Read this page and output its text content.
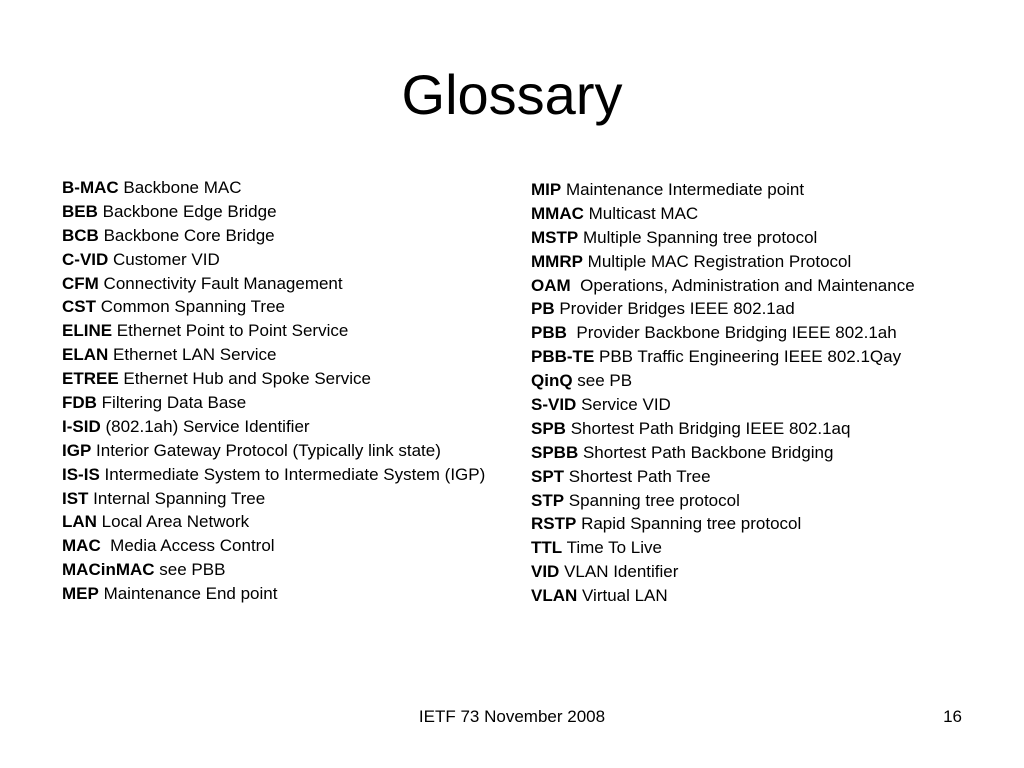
Glossary
B-MAC Backbone MAC
BEB Backbone Edge Bridge
BCB Backbone Core Bridge
C-VID Customer VID
CFM Connectivity Fault Management
CST Common Spanning Tree
ELINE Ethernet Point to Point Service
ELAN Ethernet LAN Service
ETREE Ethernet Hub and Spoke Service
FDB Filtering Data Base
I-SID (802.1ah) Service Identifier
IGP Interior Gateway Protocol (Typically link state)
IS-IS Intermediate System to Intermediate System (IGP)
IST Internal Spanning Tree
LAN Local Area Network
MAC  Media Access Control
MACinMAC see PBB
MEP Maintenance End point
MIP Maintenance Intermediate point
MMAC Multicast MAC
MSTP Multiple Spanning tree protocol
MMRP Multiple MAC Registration Protocol
OAM  Operations, Administration and Maintenance
PB Provider Bridges IEEE 802.1ad
PBB  Provider Backbone Bridging IEEE 802.1ah
PBB-TE PBB Traffic Engineering IEEE 802.1Qay
QinQ see PB
S-VID Service VID
SPB Shortest Path Bridging IEEE 802.1aq
SPBB Shortest Path Backbone Bridging
SPT Shortest Path Tree
STP Spanning tree protocol
RSTP Rapid Spanning tree protocol
TTL Time To Live
VID VLAN Identifier
VLAN Virtual LAN
IETF 73 November 2008	16
